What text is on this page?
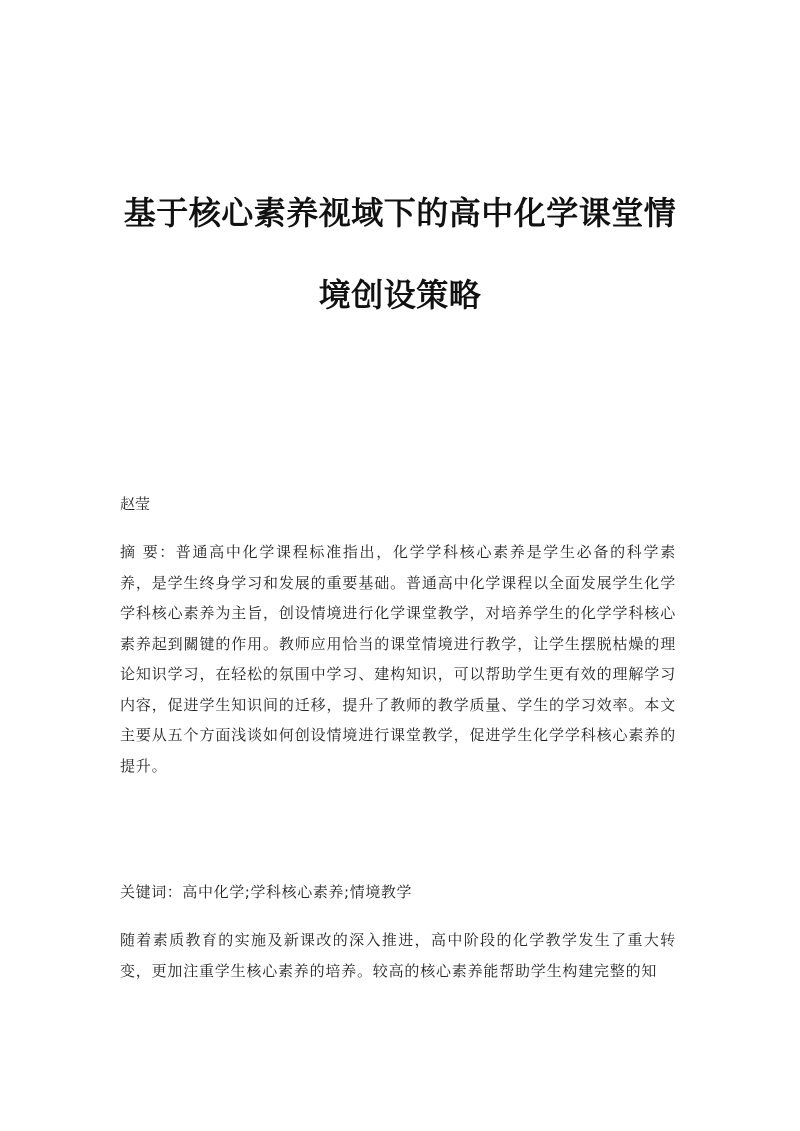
基于核心素养视域下的高中化学课堂情
境创设策略

赵莹

摘 要：普通高中化学课程标准指出，化学学科核心素养是学生必备的科学素养，是学生终身学习和发展的重要基础。普通高中化学课程以全面发展学生化学学科核心素养为主旨，创设情境进行化学课堂教学，对培养学生的化学学科核心素养起到關键的作用。教师应用恰当的课堂情境进行教学，让学生摆脱枯燥的理论知识学习，在轻松的氛围中学习、建构知识，可以帮助学生更有效的理解学习内容，促进学生知识间的迁移，提升了教师的教学质量、学生的学习效率。本文主要从五个方面浅谈如何创设情境进行课堂教学，促进学生化学学科核心素养的提升。

关键词：高中化学;学科核心素养;情境教学

随着素质教育的实施及新课改的深入推进，高中阶段的化学教学发生了重大转变，更加注重学生核心素养的培养。较高的核心素养能帮助学生构建完整的知
